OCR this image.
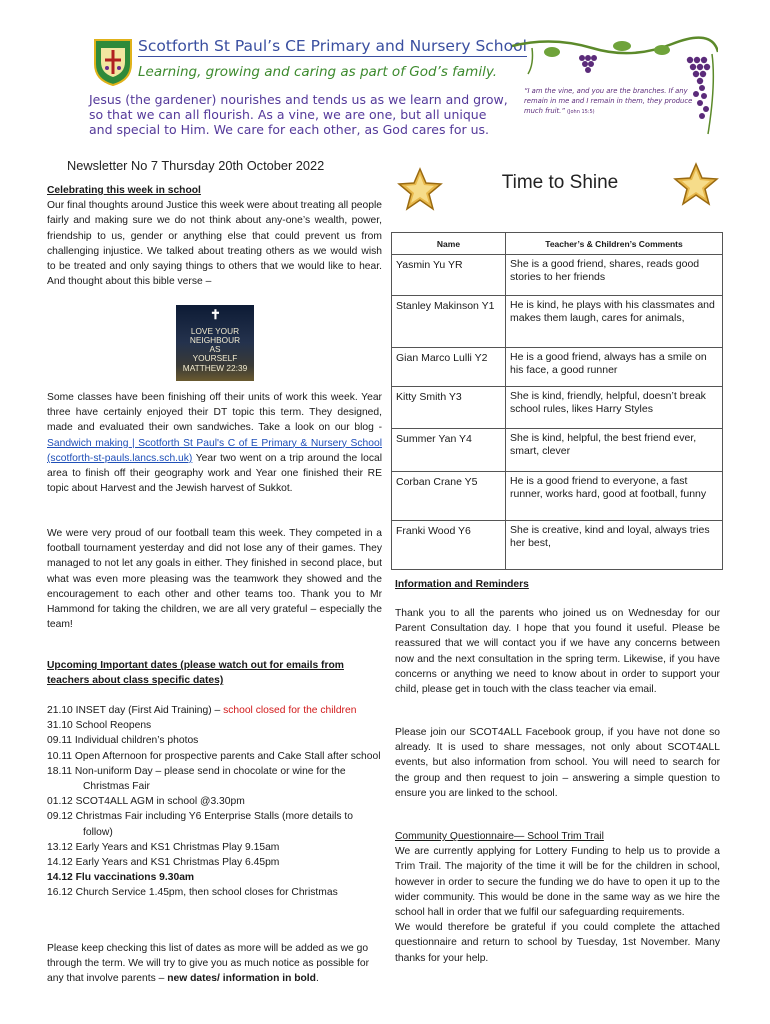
Scotforth St Paul’s CE Primary and Nursery School
Learning, growing and caring as part of God’s family.
Jesus (the gardener) nourishes and tends us as we learn and grow, so that we can all flourish. As a vine, we are one, but all unique and special to Him. We care for each other, as God cares for us.
“I am the vine, and you are the branches. If any remain in me and I remain in them, they produce much fruit.” (John 15:5)
Newsletter No 7 Thursday 20th October 2022
Celebrating this week in school
Our final thoughts around Justice this week were about treating all people fairly and making sure we do not think about any-one’s wealth, power, friendship to us, gender or anything else that could prevent us from challenging injustice. We talked about treating others as we would wish to be treated and only saying things to others that we would like to hear. And thought about this bible verse –
✝
LOVE YOUR
NEIGHBOUR
AS
YOURSELF
MATTHEW 22:39
Some classes have been finishing off their units of work this week. Year three have certainly enjoyed their DT topic this term. They designed, made and evaluated their own sandwiches. Take a look on our blog - Sandwich making | Scotforth St Paul's C of E Primary & Nursery School (scotforth-st-pauls.lancs.sch.uk) Year two went on a trip around the local area to finish off their geography work and Year one finished their RE topic about Harvest and the Jewish harvest of Sukkot.
We were very proud of our football team this week. They competed in a football tournament yesterday and did not lose any of their games. They managed to not let any goals in either. They finished in second place, but what was even more pleasing was the teamwork they showed and the encouragement to each other and other teams too. Thank you to Mr Hammond for taking the children, we are all very grateful – especially the team!
Upcoming Important dates (please watch out for emails from teachers about class specific dates)
21.10 INSET day (First Aid Training) – school closed for the children
31.10 School Reopens
09.11 Individual children’s photos
10.11 Open Afternoon for prospective parents and Cake Stall after school
18.11 Non-uniform Day – please send in chocolate or wine for the Christmas Fair
01.12 SCOT4ALL AGM in school @3.30pm
09.12 Christmas Fair including Y6 Enterprise Stalls (more details to follow)
13.12 Early Years and KS1 Christmas Play 9.15am
14.12 Early Years and KS1 Christmas Play 6.45pm
14.12 Flu vaccinations 9.30am
16.12 Church Service 1.45pm, then school closes for Christmas
Please keep checking this list of dates as more will be added as we go through the term. We will try to give you as much notice as possible for any that involve parents – new dates/ information in bold.
Time to Shine
Name	Teacher’s & Children’s Comments
Yasmin Yu YR	She is a good friend, shares, reads good stories to her friends
Stanley Makinson Y1	He is kind, he plays with his classmates and makes them laugh, cares for animals,
Gian Marco Lulli Y2	He is a good friend, always has a smile on his face, a good runner
Kitty Smith Y3	She is kind, friendly, helpful, doesn’t break school rules, likes Harry Styles
Summer Yan Y4	She is kind, helpful, the best friend ever, smart, clever
Corban Crane Y5	He is a good friend to everyone, a fast runner, works hard, good at football, funny
Franki Wood Y6	She is creative, kind and loyal, always tries her best,
Information and Reminders
Thank you to all the parents who joined us on Wednesday for our Parent Consultation day. I hope that you found it useful. Please be reassured that we will contact you if we have any concerns between now and the next consultation in the spring term. Likewise, if you have concerns or anything we need to know about in order to support your child, please get in touch with the class teacher via email.
Please join our SCOT4ALL Facebook group, if you have not done so already. It is used to share messages, not only about SCOT4ALL events, but also information from school. You will need to search for the group and then request to join – answering a simple question to ensure you are linked to the school.
Community Questionnaire— School Trim Trail
We are currently applying for Lottery Funding to help us to provide a Trim Trail. The majority of the time it will be for the children in school, however in order to secure the funding we do have to open it up to the wider community. This would be done in the same way as we hire the school hall in order that we fulfil our safeguarding requirements.
We would therefore be grateful if you could complete the attached questionnaire and return to school by Tuesday, 1st November. Many thanks for your help.
